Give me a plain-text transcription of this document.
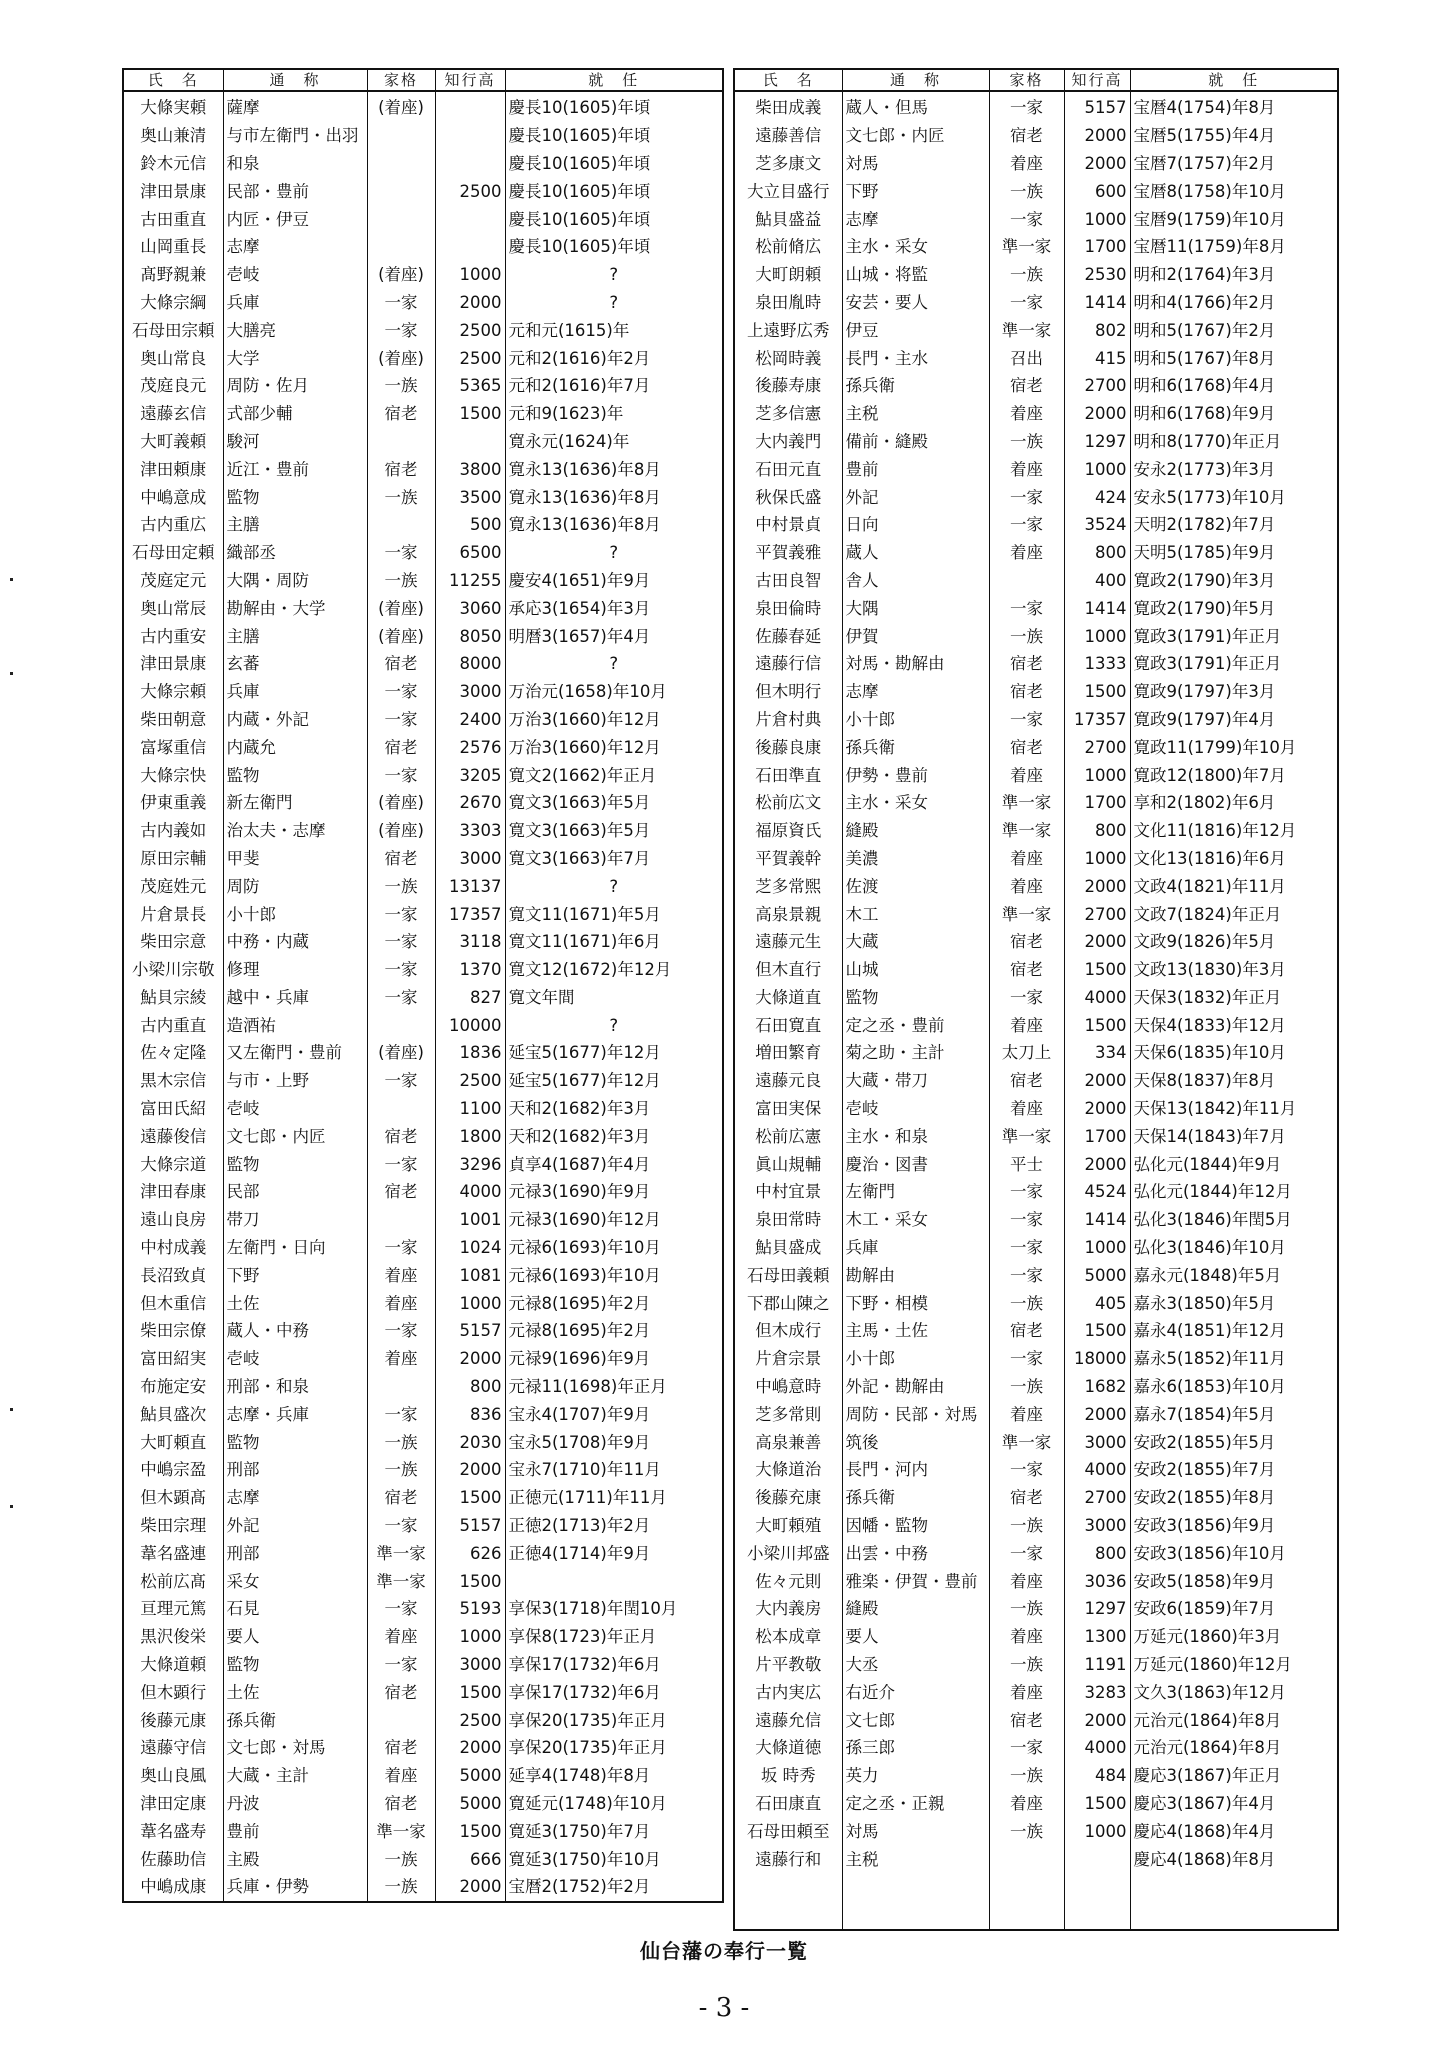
氏　名	通　称	家格	知行高	就　任
大條実頼	薩摩	(着座)		慶長10(1605)年頃
奥山兼清	与市左衛門・出羽			慶長10(1605)年頃
鈴木元信	和泉			慶長10(1605)年頃
津田景康	民部・豊前		2500	慶長10(1605)年頃
古田重直	内匠・伊豆			慶長10(1605)年頃
山岡重長	志摩			慶長10(1605)年頃
髙野親兼	壱岐	(着座)	1000	?
大條宗綱	兵庫	一家	2000	?
石母田宗頼	大膳亮	一家	2500	元和元(1615)年
奥山常良	大学	(着座)	2500	元和2(1616)年2月
茂庭良元	周防・佐月	一族	5365	元和2(1616)年7月
遠藤玄信	式部少輔	宿老	1500	元和9(1623)年
大町義頼	駿河			寛永元(1624)年
津田頼康	近江・豊前	宿老	3800	寛永13(1636)年8月
中嶋意成	監物	一族	3500	寛永13(1636)年8月
古内重広	主膳		500	寛永13(1636)年8月
石母田定頼	織部丞	一家	6500	?
茂庭定元	大隅・周防	一族	11255	慶安4(1651)年9月
奥山常辰	勘解由・大学	(着座)	3060	承応3(1654)年3月
古内重安	主膳	(着座)	8050	明暦3(1657)年4月
津田景康	玄蕃	宿老	8000	?
大條宗頼	兵庫	一家	3000	万治元(1658)年10月
柴田朝意	内蔵・外記	一家	2400	万治3(1660)年12月
富塚重信	内蔵允	宿老	2576	万治3(1660)年12月
大條宗快	監物	一家	3205	寛文2(1662)年正月
伊東重義	新左衛門	(着座)	2670	寛文3(1663)年5月
古内義如	治太夫・志摩	(着座)	3303	寛文3(1663)年5月
原田宗輔	甲斐	宿老	3000	寛文3(1663)年7月
茂庭姓元	周防	一族	13137	?
片倉景長	小十郎	一家	17357	寛文11(1671)年5月
柴田宗意	中務・内蔵	一家	3118	寛文11(1671)年6月
小梁川宗敬	修理	一家	1370	寛文12(1672)年12月
鮎貝宗綾	越中・兵庫	一家	827	寛文年間
古内重直	造酒祐		10000	?
佐々定隆	又左衛門・豊前	(着座)	1836	延宝5(1677)年12月
黒木宗信	与市・上野	一家	2500	延宝5(1677)年12月
富田氏紹	壱岐		1100	天和2(1682)年3月
遠藤俊信	文七郎・内匠	宿老	1800	天和2(1682)年3月
大條宗道	監物	一家	3296	貞享4(1687)年4月
津田春康	民部	宿老	4000	元禄3(1690)年9月
遠山良房	帯刀		1001	元禄3(1690)年12月
中村成義	左衛門・日向	一家	1024	元禄6(1693)年10月
長沼致貞	下野	着座	1081	元禄6(1693)年10月
但木重信	土佐	着座	1000	元禄8(1695)年2月
柴田宗僚	蔵人・中務	一家	5157	元禄8(1695)年2月
富田紹実	壱岐	着座	2000	元禄9(1696)年9月
布施定安	刑部・和泉		800	元禄11(1698)年正月
鮎貝盛次	志摩・兵庫	一家	836	宝永4(1707)年9月
大町頼直	監物	一族	2030	宝永5(1708)年9月
中嶋宗盈	刑部	一族	2000	宝永7(1710)年11月
但木顕髙	志摩	宿老	1500	正徳元(1711)年11月
柴田宗理	外記	一家	5157	正徳2(1713)年2月
葦名盛連	刑部	準一家	626	正徳4(1714)年9月
松前広髙	采女	準一家	1500	
亘理元篤	石見	一家	5193	享保3(1718)年閏10月
黒沢俊栄	要人	着座	1000	享保8(1723)年正月
大條道頼	監物	一家	3000	享保17(1732)年6月
但木顕行	土佐	宿老	1500	享保17(1732)年6月
後藤元康	孫兵衛		2500	享保20(1735)年正月
遠藤守信	文七郎・対馬	宿老	2000	享保20(1735)年正月
奥山良風	大蔵・主計	着座	5000	延享4(1748)年8月
津田定康	丹波	宿老	5000	寛延元(1748)年10月
葦名盛寿	豊前	準一家	1500	寛延3(1750)年7月
佐藤助信	主殿	一族	666	寛延3(1750)年10月
中嶋成康	兵庫・伊勢	一族	2000	宝暦2(1752)年2月
氏　名	通　称	家格	知行高	就　任
柴田成義	蔵人・但馬	一家	5157	宝暦4(1754)年8月
遠藤善信	文七郎・内匠	宿老	2000	宝暦5(1755)年4月
芝多康文	対馬	着座	2000	宝暦7(1757)年2月
大立目盛行	下野	一族	600	宝暦8(1758)年10月
鮎貝盛益	志摩	一家	1000	宝暦9(1759)年10月
松前脩広	主水・采女	準一家	1700	宝暦11(1759)年8月
大町朗頼	山城・将監	一族	2530	明和2(1764)年3月
泉田胤時	安芸・要人	一家	1414	明和4(1766)年2月
上遠野広秀	伊豆	準一家	802	明和5(1767)年2月
松岡時義	長門・主水	召出	415	明和5(1767)年8月
後藤寿康	孫兵衛	宿老	2700	明和6(1768)年4月
芝多信憲	主税	着座	2000	明和6(1768)年9月
大内義門	備前・縫殿	一族	1297	明和8(1770)年正月
石田元直	豊前	着座	1000	安永2(1773)年3月
秋保氏盛	外記	一家	424	安永5(1773)年10月
中村景貞	日向	一家	3524	天明2(1782)年7月
平賀義雅	蔵人	着座	800	天明5(1785)年9月
古田良智	舎人		400	寛政2(1790)年3月
泉田倫時	大隅	一家	1414	寛政2(1790)年5月
佐藤春延	伊賀	一族	1000	寛政3(1791)年正月
遠藤行信	対馬・勘解由	宿老	1333	寛政3(1791)年正月
但木明行	志摩	宿老	1500	寛政9(1797)年3月
片倉村典	小十郎	一家	17357	寛政9(1797)年4月
後藤良康	孫兵衛	宿老	2700	寛政11(1799)年10月
石田準直	伊勢・豊前	着座	1000	寛政12(1800)年7月
松前広文	主水・采女	準一家	1700	享和2(1802)年6月
福原資氏	縫殿	準一家	800	文化11(1816)年12月
平賀義幹	美濃	着座	1000	文化13(1816)年6月
芝多常煕	佐渡	着座	2000	文政4(1821)年11月
高泉景親	木工	準一家	2700	文政7(1824)年正月
遠藤元生	大蔵	宿老	2000	文政9(1826)年5月
但木直行	山城	宿老	1500	文政13(1830)年3月
大條道直	監物	一家	4000	天保3(1832)年正月
石田寛直	定之丞・豊前	着座	1500	天保4(1833)年12月
増田繁育	菊之助・主計	太刀上	334	天保6(1835)年10月
遠藤元良	大蔵・帯刀	宿老	2000	天保8(1837)年8月
富田実保	壱岐	着座	2000	天保13(1842)年11月
松前広憲	主水・和泉	準一家	1700	天保14(1843)年7月
眞山規輔	慶治・図書	平士	2000	弘化元(1844)年9月
中村宜景	左衛門	一家	4524	弘化元(1844)年12月
泉田常時	木工・采女	一家	1414	弘化3(1846)年閏5月
鮎貝盛成	兵庫	一家	1000	弘化3(1846)年10月
石母田義頼	勘解由	一家	5000	嘉永元(1848)年5月
下郡山陳之	下野・相模	一族	405	嘉永3(1850)年5月
但木成行	主馬・土佐	宿老	1500	嘉永4(1851)年12月
片倉宗景	小十郎	一家	18000	嘉永5(1852)年11月
中嶋意時	外記・勘解由	一族	1682	嘉永6(1853)年10月
芝多常則	周防・民部・対馬	着座	2000	嘉永7(1854)年5月
高泉兼善	筑後	準一家	3000	安政2(1855)年5月
大條道治	長門・河内	一家	4000	安政2(1855)年7月
後藤充康	孫兵衛	宿老	2700	安政2(1855)年8月
大町頼殖	因幡・監物	一族	3000	安政3(1856)年9月
小梁川邦盛	出雲・中務	一家	800	安政3(1856)年10月
佐々元則	雅楽・伊賀・豊前	着座	3036	安政5(1858)年9月
大内義房	縫殿	一族	1297	安政6(1859)年7月
松本成章	要人	着座	1300	万延元(1860)年3月
片平教敬	大丞	一族	1191	万延元(1860)年12月
古内実広	右近介	着座	3283	文久3(1863)年12月
遠藤允信	文七郎	宿老	2000	元治元(1864)年8月
大條道徳	孫三郎	一家	4000	元治元(1864)年8月
坂 時秀	英力	一族	484	慶応3(1867)年正月
石田康直	定之丞・正親	着座	1500	慶応3(1867)年4月
石母田頼至	対馬	一族	1000	慶応4(1868)年4月
遠藤行和	主税			慶応4(1868)年8月

仙台藩の奉行一覧
- 3 -
